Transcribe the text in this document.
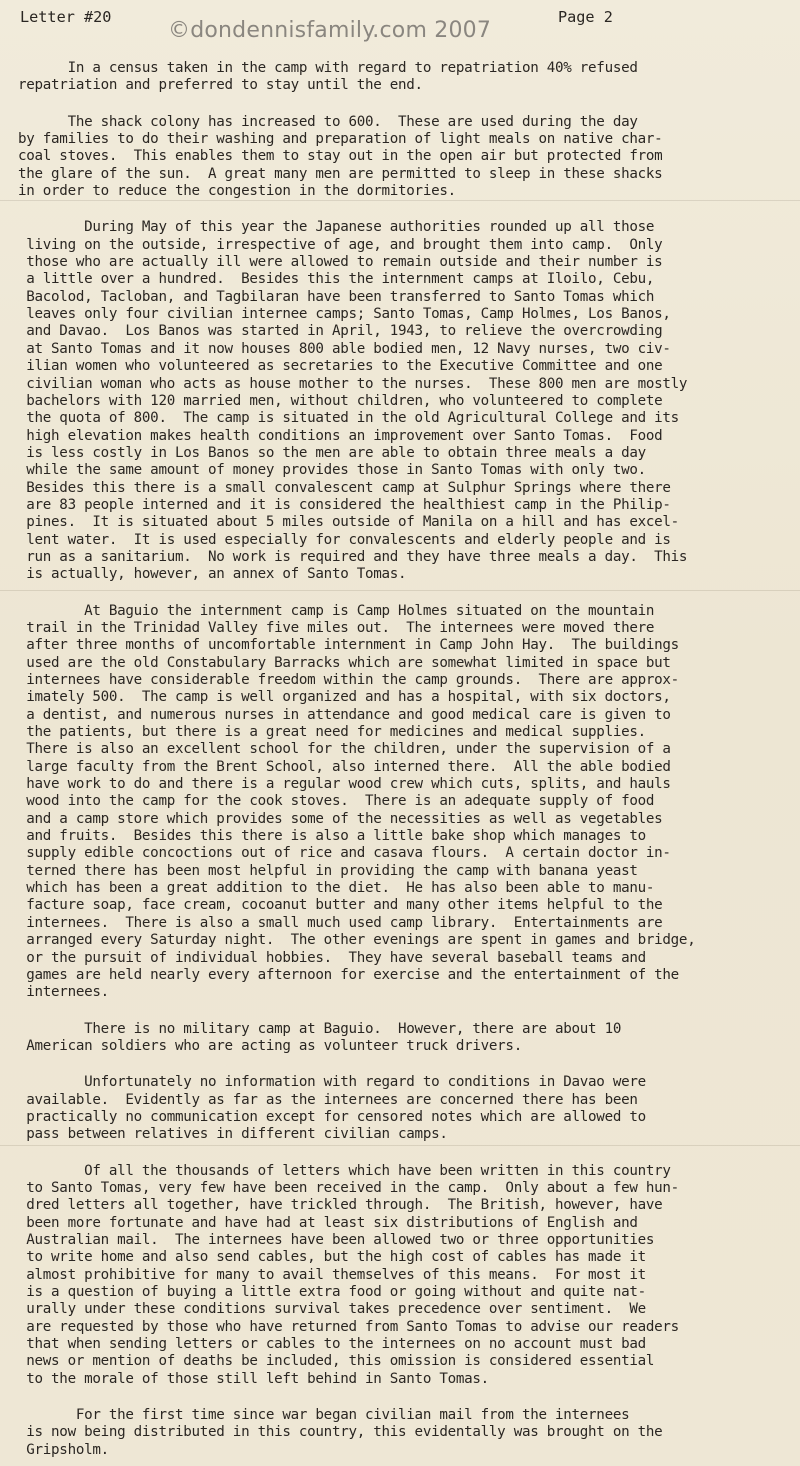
Letter #20
©dondennisfamily.com 2007
Page 2
In a census taken in the camp with regard to repatriation 40% refused
repatriation and preferred to stay until the end.
The shack colony has increased to 600.  These are used during the day
by families to do their washing and preparation of light meals on native char-
coal stoves.  This enables them to stay out in the open air but protected from
the glare of the sun.  A great many men are permitted to sleep in these shacks
in order to reduce the congestion in the dormitories.
During May of this year the Japanese authorities rounded up all those
living on the outside, irrespective of age, and brought them into camp.  Only
those who are actually ill were allowed to remain outside and their number is
a little over a hundred.  Besides this the internment camps at Iloilo, Cebu,
Bacolod, Tacloban, and Tagbilaran have been transferred to Santo Tomas which
leaves only four civilian internee camps; Santo Tomas, Camp Holmes, Los Banos,
and Davao.  Los Banos was started in April, 1943, to relieve the overcrowding
at Santo Tomas and it now houses 800 able bodied men, 12 Navy nurses, two civ-
ilian women who volunteered as secretaries to the Executive Committee and one
civilian woman who acts as house mother to the nurses.  These 800 men are mostly
bachelors with 120 married men, without children, who volunteered to complete
the quota of 800.  The camp is situated in the old Agricultural College and its
high elevation makes health conditions an improvement over Santo Tomas.  Food
is less costly in Los Banos so the men are able to obtain three meals a day
while the same amount of money provides those in Santo Tomas with only two.
Besides this there is a small convalescent camp at Sulphur Springs where there
are 83 people interned and it is considered the healthiest camp in the Philip-
pines.  It is situated about 5 miles outside of Manila on a hill and has excel-
lent water.  It is used especially for convalescents and elderly people and is
run as a sanitarium.  No work is required and they have three meals a day.  This
is actually, however, an annex of Santo Tomas.
At Baguio the internment camp is Camp Holmes situated on the mountain
trail in the Trinidad Valley five miles out.  The internees were moved there
after three months of uncomfortable internment in Camp John Hay.  The buildings
used are the old Constabulary Barracks which are somewhat limited in space but
internees have considerable freedom within the camp grounds.  There are approx-
imately 500.  The camp is well organized and has a hospital, with six doctors,
a dentist, and numerous nurses in attendance and good medical care is given to
the patients, but there is a great need for medicines and medical supplies.
There is also an excellent school for the children, under the supervision of a
large faculty from the Brent School, also interned there.  All the able bodied
have work to do and there is a regular wood crew which cuts, splits, and hauls
wood into the camp for the cook stoves.  There is an adequate supply of food
and a camp store which provides some of the necessities as well as vegetables
and fruits.  Besides this there is also a little bake shop which manages to
supply edible concoctions out of rice and casava flours.  A certain doctor in-
terned there has been most helpful in providing the camp with banana yeast
which has been a great addition to the diet.  He has also been able to manu-
facture soap, face cream, cocoanut butter and many other items helpful to the
internees.  There is also a small much used camp library.  Entertainments are
arranged every Saturday night.  The other evenings are spent in games and bridge,
or the pursuit of individual hobbies.  They have several baseball teams and
games are held nearly every afternoon for exercise and the entertainment of the
internees.
There is no military camp at Baguio.  However, there are about 10
American soldiers who are acting as volunteer truck drivers.
Unfortunately no information with regard to conditions in Davao were
available.  Evidently as far as the internees are concerned there has been
practically no communication except for censored notes which are allowed to
pass between relatives in different civilian camps.
Of all the thousands of letters which have been written in this country
to Santo Tomas, very few have been received in the camp.  Only about a few hun-
dred letters all together, have trickled through.  The British, however, have
been more fortunate and have had at least six distributions of English and
Australian mail.  The internees have been allowed two or three opportunities
to write home and also send cables, but the high cost of cables has made it
almost prohibitive for many to avail themselves of this means.  For most it
is a question of buying a little extra food or going without and quite nat-
urally under these conditions survival takes precedence over sentiment.  We
are requested by those who have returned from Santo Tomas to advise our readers
that when sending letters or cables to the internees on no account must bad
news or mention of deaths be included, this omission is considered essential
to the morale of those still left behind in Santo Tomas.
For the first time since war began civilian mail from the internees
is now being distributed in this country, this evidentally was brought on the
Gripsholm.
